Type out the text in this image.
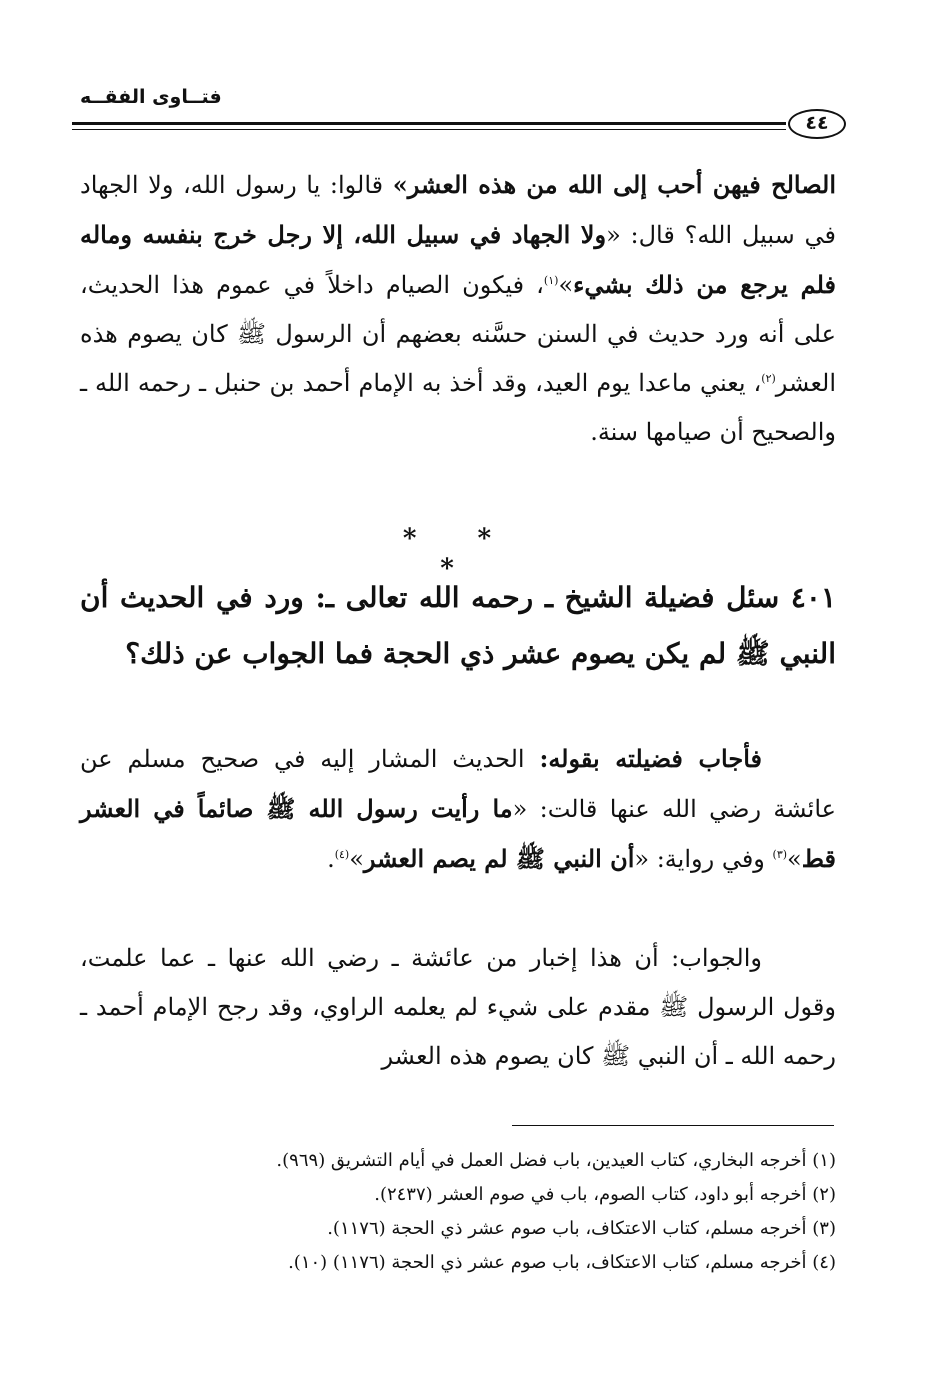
فتــاوى الفقــه
٤٤
الصالح فيهن أحب إلى الله من هذه العشر» قالوا: يا رسول الله، ولا الجهاد في سبيل الله؟ قال: «ولا الجهاد في سبيل الله، إلا رجل خرج بنفسه وماله فلم يرجع من ذلك بشيء»$^{(١)}$، فيكون الصيام داخلاً في عموم هذا الحديث، على أنه ورد حديث في السنن حسَّنه بعضهم أن الرسول ﷺ كان يصوم هذه العشر$^{(٢)}$، يعني ماعدا يوم العيد، وقد أخذ به الإمام أحمد بن حنبل ـ رحمه الله ـ والصحيح أن صيامها سنة.
* * *
٤٠١ سئل فضيلة الشيخ ـ رحمه الله تعالى ـ: ورد في الحديث أن النبي ﷺ لم يكن يصوم عشر ذي الحجة فما الجواب عن ذلك؟
فأجاب فضيلته بقوله: الحديث المشار إليه في صحيح مسلم عن عائشة رضي الله عنها قالت: «ما رأيت رسول الله ﷺ صائماً في العشر قط»$^{(٣)}$ وفي رواية: «أن النبي ﷺ لم يصم العشر»$^{(٤)}$.
والجواب: أن هذا إخبار من عائشة ـ رضي الله عنها ـ عما علمت، وقول الرسول ﷺ مقدم على شيء لم يعلمه الراوي، وقد رجح الإمام أحمد ـ رحمه الله ـ أن النبي ﷺ كان يصوم هذه العشر
(١) أخرجه البخاري، كتاب العيدين، باب فضل العمل في أيام التشريق (٩٦٩).
(٢) أخرجه أبو داود، كتاب الصوم، باب في صوم العشر (٢٤٣٧).
(٣) أخرجه مسلم، كتاب الاعتكاف، باب صوم عشر ذي الحجة (١١٧٦).
(٤) أخرجه مسلم، كتاب الاعتكاف، باب صوم عشر ذي الحجة (١١٧٦) (١٠).
